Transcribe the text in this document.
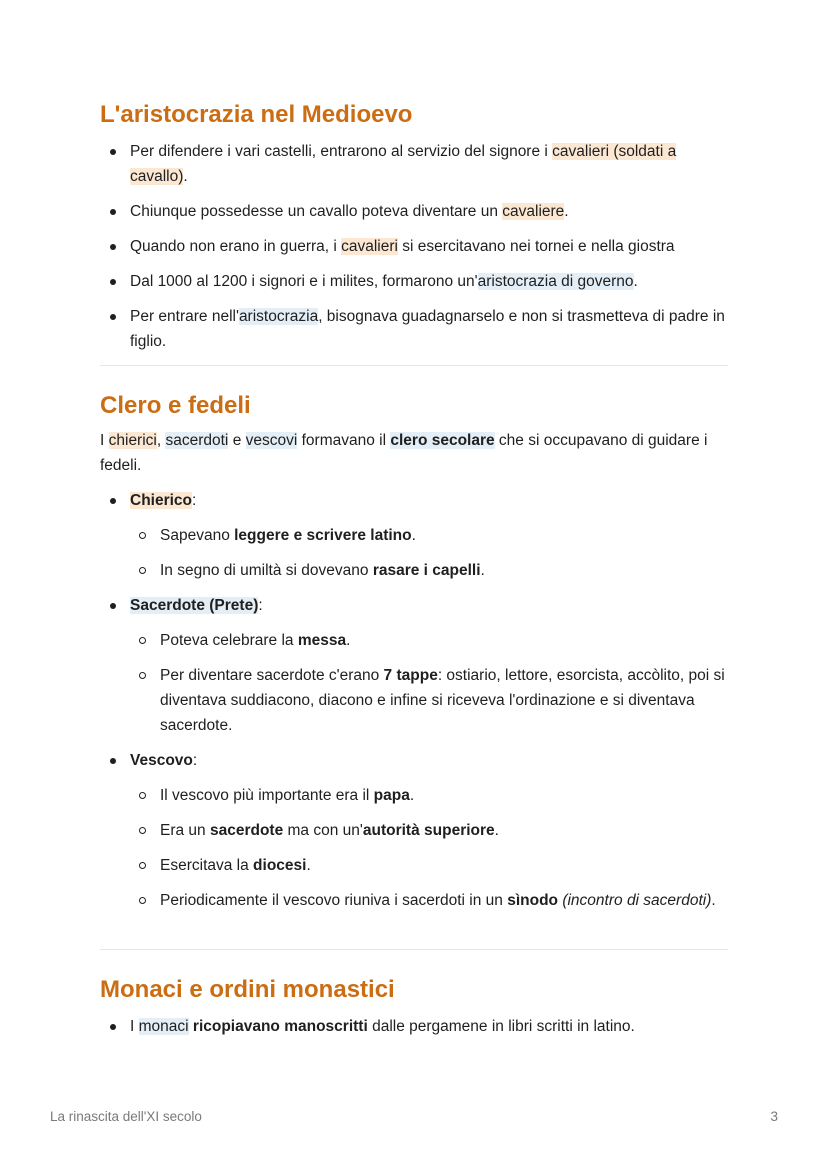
L'aristocrazia nel Medioevo
Per difendere i vari castelli, entrarono al servizio del signore i cavalieri (soldati a cavallo).
Chiunque possedesse un cavallo poteva diventare un cavaliere.
Quando non erano in guerra, i cavalieri si esercitavano nei tornei e nella giostra
Dal 1000 al 1200 i signori e i milites, formarono un'aristocrazia di governo.
Per entrare nell'aristocrazia, bisognava guadagnarselo e non si trasmetteva di padre in figlio.
Clero e fedeli

I chierici, sacerdoti e vescovi formavano il clero secolare che si occupavano di guidare i fedeli.

Chierico:
Sapevano leggere e scrivere latino.
In segno di umiltà si dovevano rasare i capelli.
Sacerdote (Prete):
Poteva celebrare la messa.
Per diventare sacerdote c'erano 7 tappe: ostiario, lettore, esorcista, accòlito, poi si diventava suddiacono, diacono e infine si riceveva l'ordinazione e si diventava sacerdote.
Vescovo:
Il vescovo più importante era il papa.
Era un sacerdote ma con un'autorità superiore.
Esercitava la diocesi.
Periodicamente il vescovo riuniva i sacerdoti in un sìnodo (incontro di sacerdoti).
Monaci e ordini monastici
I monaci ricopiavano manoscritti dalle pergamene in libri scritti in latino.
La rinascita dell'XI secolo	3
